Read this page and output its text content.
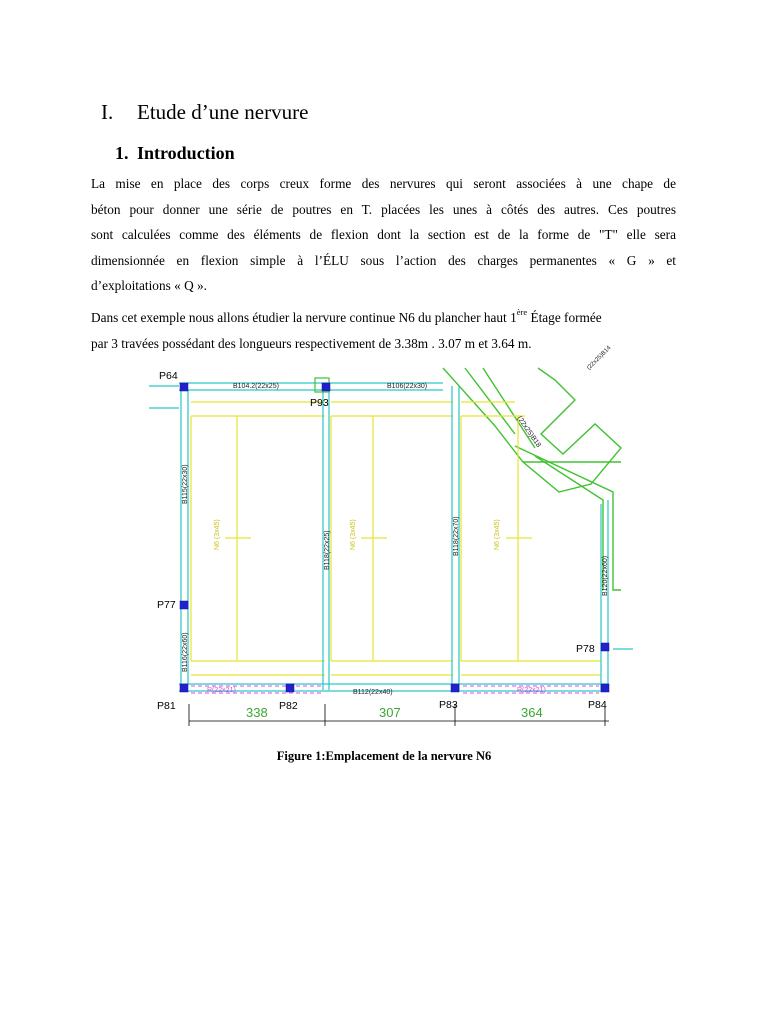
I. Etude d’une nervure
1. Introduction

La mise en place des corps creux forme des nervures qui seront associées à une chape de
béton pour donner une série de poutres en T. placées les unes à côtés des autres. Ces poutres
sont calculées comme des éléments de flexion dont la section est de la forme de "T" elle sera
dimensionnée en flexion simple à l’ÉLU sous l’action des charges permanentes « G » et
d’exploitations « Q ».

Dans cet exemple nous allons étudier la nervure continue N6 du plancher haut 1ère Étage formée
par 3 travées possédant des longueurs respectivement de 3.38m . 3.07 m et 3.64 m.

P64
P93
P77
P78
P81	P82	P83	P84
B104.2(22x25)	B106(22x30)
B112(22x40)
B115(22x30)
B116(22x60)
B118(22x25)	B118(22x70)
B120(22x60)
(22x25)B18
(22x25)B14
R(22x21)	R(22x21)
N6 (3x45)	N6 (3x45)	N6 (3x45)
338	307	364
Figure 1:Emplacement de la nervure N6
